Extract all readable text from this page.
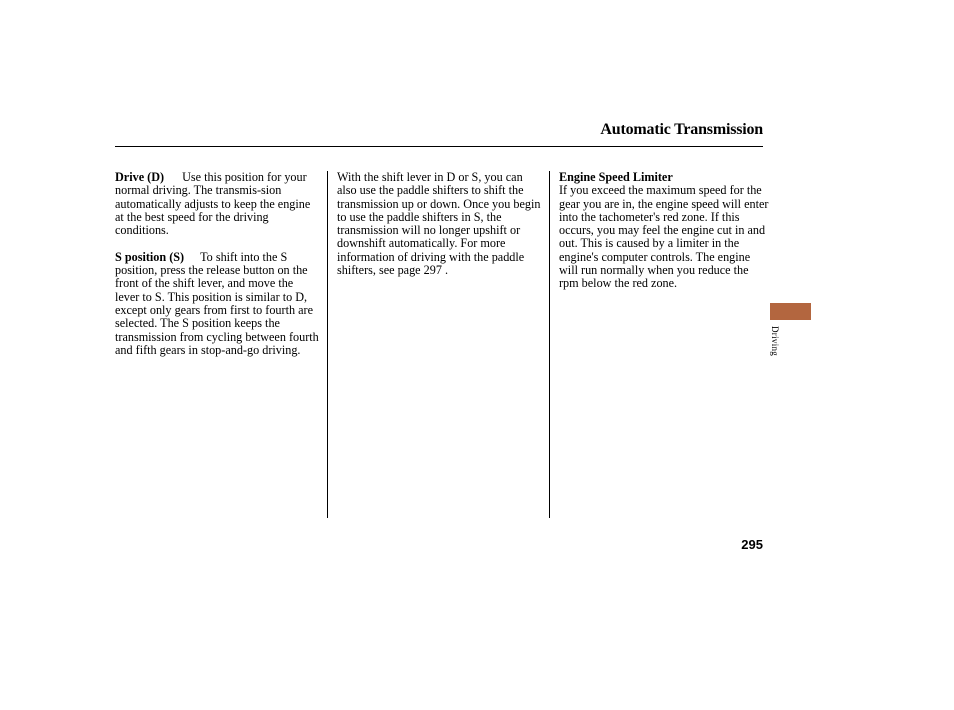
Automatic Transmission

Drive (D) Use this position for your normal driving. The transmis-sion automatically adjusts to keep the engine at the best speed for the driving conditions.

S position (S) To shift into the S position, press the release button on the front of the shift lever, and move the lever to S. This position is similar to D, except only gears from first to fourth are selected. The S position keeps the transmission from cycling between fourth and fifth gears in stop-and-go driving.

With the shift lever in D or S, you can also use the paddle shifters to shift the transmission up or down. Once you begin to use the paddle shifters in S, the transmission will no longer upshift or downshift automatically. For more information of driving with the paddle shifters, see page 297 .

Engine Speed Limiter

If you exceed the maximum speed for the gear you are in, the engine speed will enter into the tachometer's red zone. If this occurs, you may feel the engine cut in and out. This is caused by a limiter in the engine's computer controls. The engine will run normally when you reduce the rpm below the red zone.

Driving
295
